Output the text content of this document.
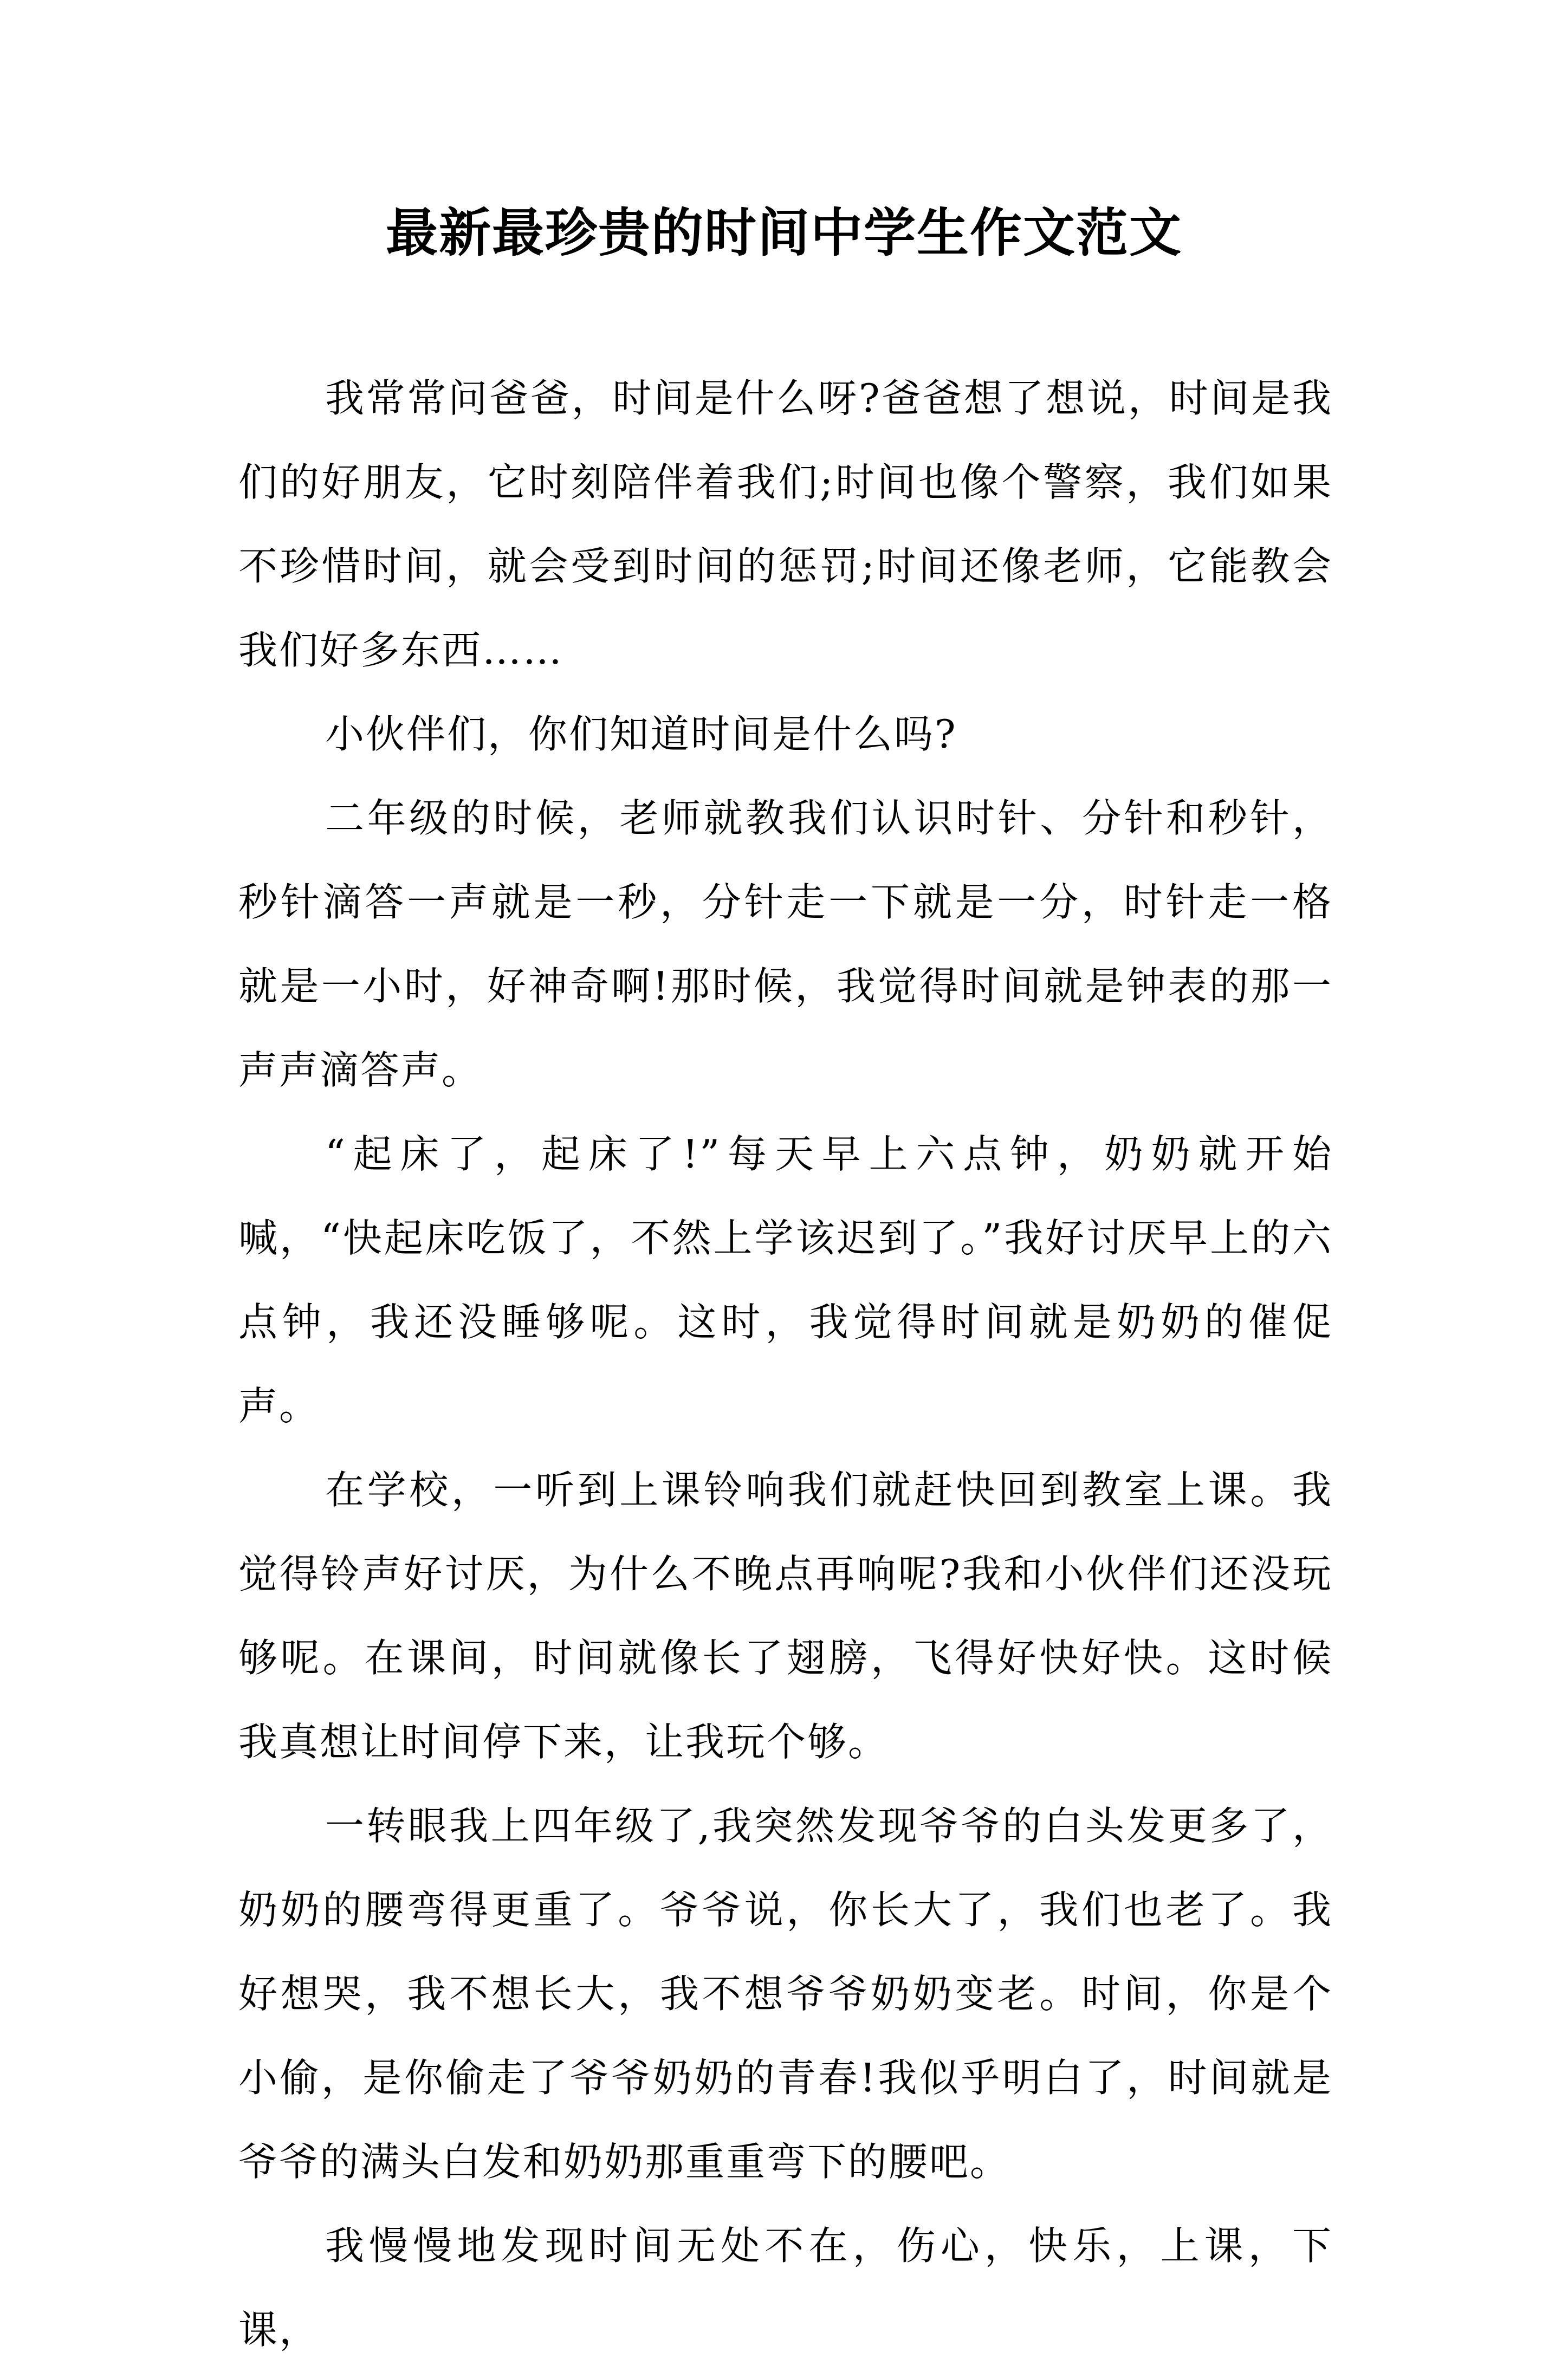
最新最珍贵的时间中学生作文范文

我常常问爸爸，时间是什么呀?爸爸想了想说，时间是我们的好朋友，它时刻陪伴着我们;时间也像个警察，我们如果不珍惜时间，就会受到时间的惩罚;时间还像老师，它能教会我们好多东西……

小伙伴们，你们知道时间是什么吗?

二年级的时候，老师就教我们认识时针、分针和秒针，秒针滴答一声就是一秒，分针走一下就是一分，时针走一格就是一小时，好神奇啊!那时候，我觉得时间就是钟表的那一声声滴答声。

“起床了，起床了!”每天早上六点钟，奶奶就开始喊，“快起床吃饭了，不然上学该迟到了。”我好讨厌早上的六点钟，我还没睡够呢。这时，我觉得时间就是奶奶的催促声。

在学校，一听到上课铃响我们就赶快回到教室上课。我觉得铃声好讨厌，为什么不晚点再响呢?我和小伙伴们还没玩够呢。在课间，时间就像长了翅膀，飞得好快好快。这时候我真想让时间停下来，让我玩个够。

一转眼我上四年级了,我突然发现爷爷的白头发更多了，奶奶的腰弯得更重了。爷爷说，你长大了，我们也老了。我好想哭，我不想长大，我不想爷爷奶奶变老。时间，你是个小偷，是你偷走了爷爷奶奶的青春!我似乎明白了，时间就是爷爷的满头白发和奶奶那重重弯下的腰吧。

我慢慢地发现时间无处不在，伤心，快乐，上课，下课，
